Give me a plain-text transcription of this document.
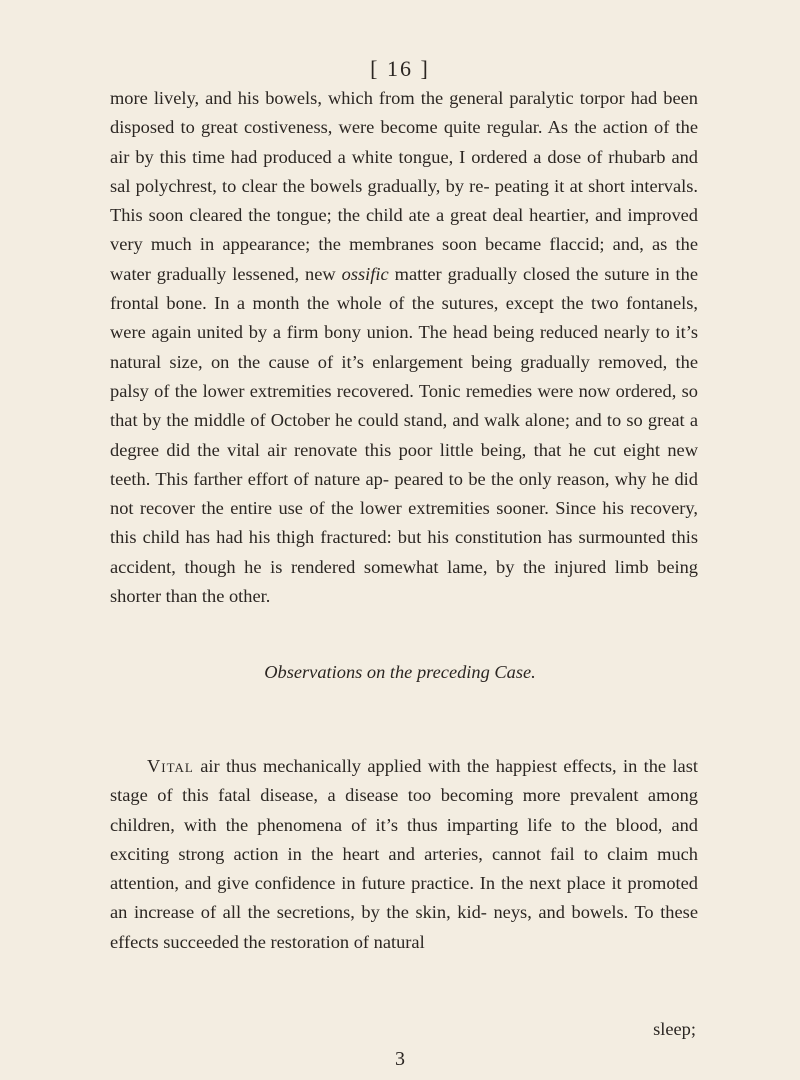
[ 16 ]

more lively, and his bowels, which from the general paralytic torpor had been disposed to great costiveness, were become quite regular. As the action of the air by this time had produced a white tongue, I ordered a dose of rhubarb and sal polychrest, to clear the bowels gradually, by re- peating it at short intervals. This soon cleared the tongue; the child ate a great deal heartier, and improved very much in appearance; the membranes soon became flaccid; and, as the water gradually lessened, new ossific matter gradually closed the suture in the frontal bone. In a month the whole of the sutures, except the two fontanels, were again united by a firm bony union. The head being reduced nearly to it’s natural size, on the cause of it’s enlargement being gradually removed, the palsy of the lower extremities recovered. Tonic remedies were now ordered, so that by the middle of October he could stand, and walk alone; and to so great a degree did the vital air renovate this poor little being, that he cut eight new teeth. This farther effort of nature ap- peared to be the only reason, why he did not recover the entire use of the lower extremities sooner. Since his recovery, this child has had his thigh fractured: but his constitution has surmounted this accident, though he is rendered somewhat lame, by the injured limb being shorter than the other.

Observations on the preceding Case.

Vital air thus mechanically applied with the happiest effects, in the last stage of this fatal disease, a disease too becoming more prevalent among children, with the phenomena of it’s thus imparting life to the blood, and exciting strong action in the heart and arteries, cannot fail to claim much attention, and give confidence in future practice. In the next place it promoted an increase of all the secretions, by the skin, kid- neys, and bowels. To these effects succeeded the restoration of natural

sleep;

3
